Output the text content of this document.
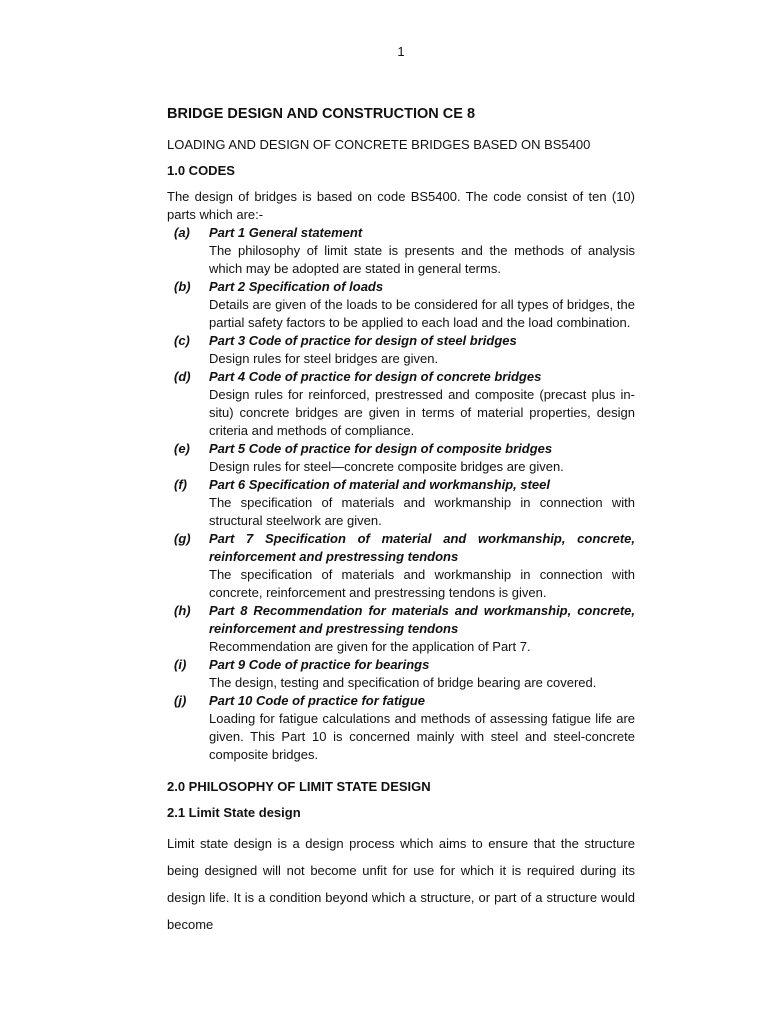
1
BRIDGE DESIGN AND CONSTRUCTION CE 8
LOADING AND DESIGN OF CONCRETE BRIDGES BASED ON BS5400
1.0 CODES

The design of bridges is based on code BS5400. The code consist of ten (10) parts which are:-

(a) Part 1 General statement
The philosophy of limit state is presents and the methods of analysis which may be adopted are stated in general terms.
(b) Part 2 Specification of loads
Details are given of the loads to be considered for all types of bridges, the partial safety factors to be applied to each load and the load combination.
(c) Part 3 Code of practice for design of steel bridges
Design rules for steel bridges are given.
(d) Part 4 Code of practice for design of concrete bridges
Design rules for reinforced, prestressed and composite (precast plus in-situ) concrete bridges are given in terms of material properties, design criteria and methods of compliance.
(e) Part 5 Code of practice for design of composite bridges
Design rules for steel—concrete composite bridges are given.
(f) Part 6 Specification of material and workmanship, steel
The specification of materials and workmanship in connection with structural steelwork are given.
(g) Part 7 Specification of material and workmanship, concrete, reinforcement and prestressing tendons
The specification of materials and workmanship in connection with concrete, reinforcement and prestressing tendons is given.
(h) Part 8 Recommendation for materials and workmanship, concrete, reinforcement and prestressing tendons
Recommendation are given for the application of Part 7.
(i) Part 9 Code of practice for bearings
The design, testing and specification of bridge bearing are covered.
(j) Part 10 Code of practice for fatigue
Loading for fatigue calculations and methods of assessing fatigue life are given. This Part 10 is concerned mainly with steel and steel-concrete composite bridges.
2.0 PHILOSOPHY OF LIMIT STATE DESIGN
2.1 Limit State design

Limit state design is a design process which aims to ensure that the structure being designed will not become unfit for use for which it is required during its design life. It is a condition beyond which a structure, or part of a structure would become
